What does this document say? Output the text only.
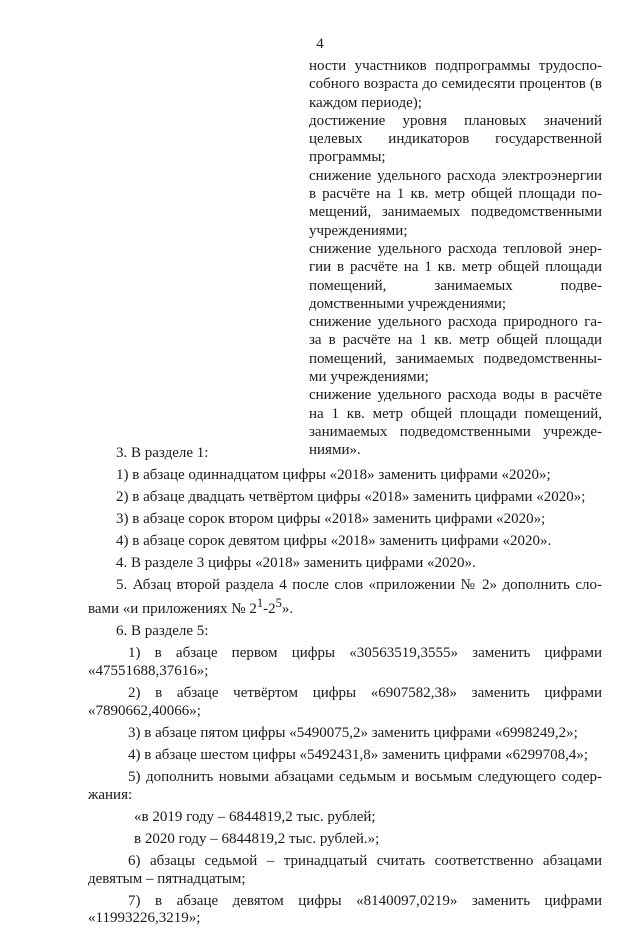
4

ности участников подпрограммы трудоспо-собного возраста до семидесяти процентов (в каждом периоде);

достижение уровня плановых значений целевых индикаторов государственной программы;

снижение удельного расхода электроэнергии в расчёте на 1 кв. метр общей площади по-мещений, занимаемых подведомственными учреждениями;

снижение удельного расхода тепловой энер-гии в расчёте на 1 кв. метр общей площади помещений, занимаемых подве-домственными учреждениями;

снижение удельного расхода природного га-за в расчёте на 1 кв. метр общей площади помещений, занимаемых подведомственны-ми учреждениями;

снижение удельного расхода воды в расчёте на 1 кв. метр общей площади помещений, занимаемых подведомственными учрежде-ниями».

3. В разделе 1:

1) в абзаце одиннадцатом цифры «2018» заменить цифрами «2020»;

2) в абзаце двадцать четвёртом цифры «2018» заменить цифрами «2020»;

3) в абзаце сорок втором цифры «2018» заменить цифрами «2020»;

4) в абзаце сорок девятом цифры «2018» заменить цифрами «2020».

4. В разделе 3 цифры «2018» заменить цифрами «2020».

5. Абзац второй раздела 4 после слов «приложении № 2» дополнить сло-вами «и приложениях № $2^1-2^5$».

6. В разделе 5:

1) в абзаце первом цифры «30563519,3555» заменить цифрами «47551688,37616»;

2) в абзаце четвёртом цифры «6907582,38» заменить цифрами «7890662,40066»;

3) в абзаце пятом цифры «5490075,2» заменить цифрами «6998249,2»;

4) в абзаце шестом цифры «5492431,8» заменить цифрами «6299708,4»;

5) дополнить новыми абзацами седьмым и восьмым следующего содер-жания:

«в 2019 году – 6844819,2 тыс. рублей;

в 2020 году – 6844819,2 тыс. рублей.»;

6) абзацы седьмой – тринадцатый считать соответственно абзацами девятым – пятнадцатым;

7) в абзаце девятом цифры «8140097,0219» заменить цифрами «11993226,3219»;
